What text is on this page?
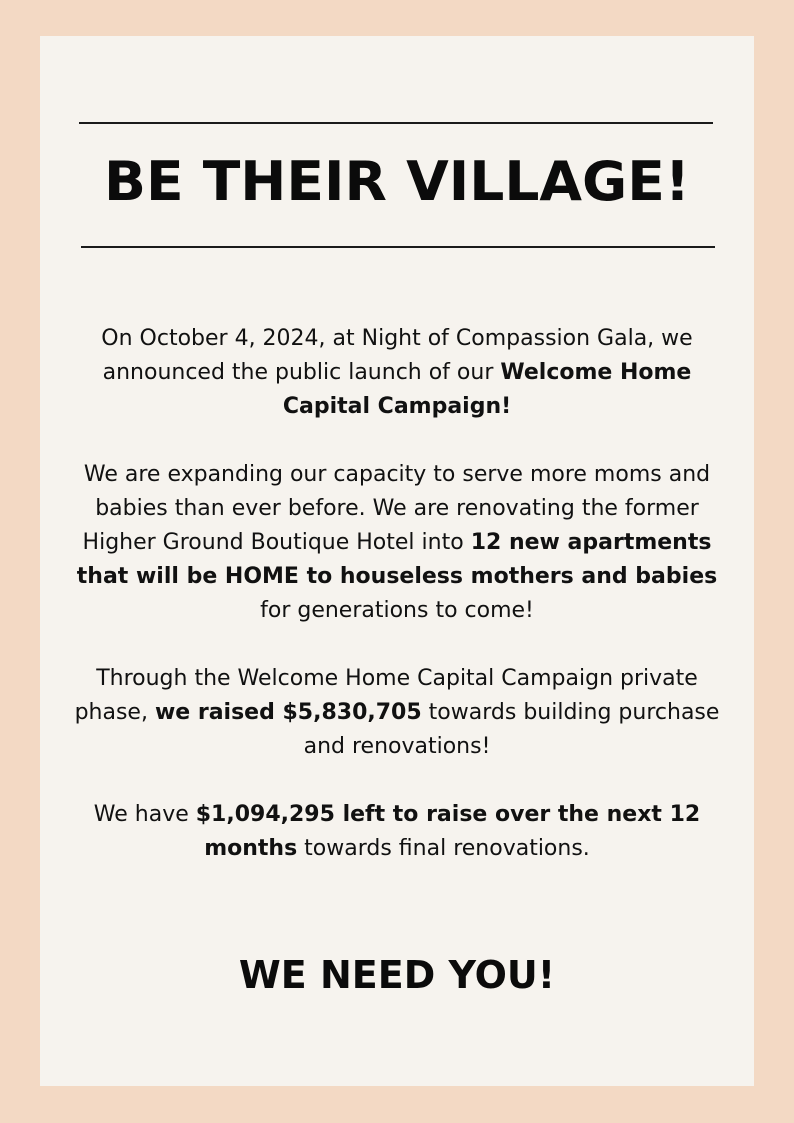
BE THEIR VILLAGE!

On October 4, 2024, at Night of Compassion Gala, we announced the public launch of our Welcome Home Capital Campaign!

We are expanding our capacity to serve more moms and babies than ever before. We are renovating the former Higher Ground Boutique Hotel into 12 new apartments that will be HOME to houseless mothers and babies for generations to come!

Through the Welcome Home Capital Campaign private phase, we raised $5,830,705 towards building purchase and renovations!

We have $1,094,295 left to raise over the next 12 months towards final renovations.

WE NEED YOU!
